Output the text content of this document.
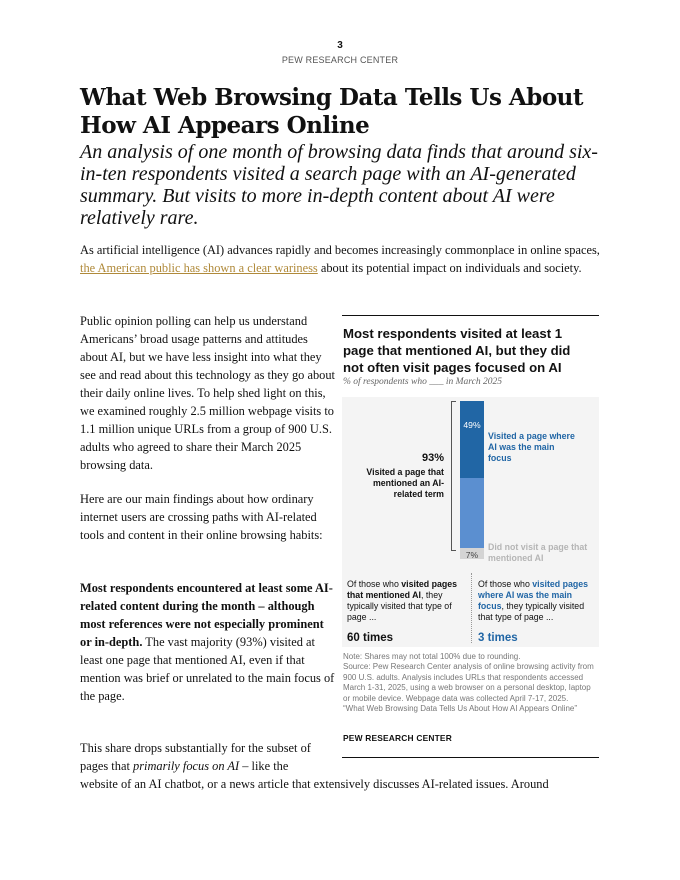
3
PEW RESEARCH CENTER
What Web Browsing Data Tells Us About How AI Appears Online

An analysis of one month of browsing data finds that around six-in-ten respondents visited a search page with an AI-generated summary. But visits to more in-depth content about AI were relatively rare.

As artificial intelligence (AI) advances rapidly and becomes increasingly commonplace in online spaces, the American public has shown a clear wariness about its potential impact on individuals and society.

Public opinion polling can help us understand Americans’ broad usage patterns and attitudes about AI, but we have less insight into what they see and read about this technology as they go about their daily online lives. To help shed light on this, we examined roughly 2.5 million webpage visits to 1.1 million unique URLs from a group of 900 U.S. adults who agreed to share their March 2025 browsing data.

Here are our main findings about how ordinary internet users are crossing paths with AI-related tools and content in their online browsing habits:

Most respondents encountered at least some AI-related content during the month – although most references were not especially prominent or in-depth. The vast majority (93%) visited at least one page that mentioned AI, even if that mention was brief or unrelated to the main focus of the page.

This share drops substantially for the subset of pages that primarily focus on AI – like the

website of an AI chatbot, or a news article that extensively discusses AI-related issues. Around

Most respondents visited at least 1 page that mentioned AI, but they did not often visit pages focused on AI

% of respondents who ___ in March 2025

93%
Visited a page that mentioned an AI-related term
49%
7%
Visited a page where AI was the main focus
Did not visit a page that mentioned AI
Of those who visited pages that mentioned AI, they typically visited that type of page ...
60 times
Of those who visited pages where AI was the main focus, they typically visited that type of page ...
3 times
Note: Shares may not total 100% due to rounding.
Source: Pew Research Center analysis of online browsing activity from 900 U.S. adults. Analysis includes URLs that respondents accessed March 1-31, 2025, using a web browser on a personal desktop, laptop or mobile device. Webpage data was collected April 7-17, 2025.
“What Web Browsing Data Tells Us About How AI Appears Online”
PEW RESEARCH CENTER
